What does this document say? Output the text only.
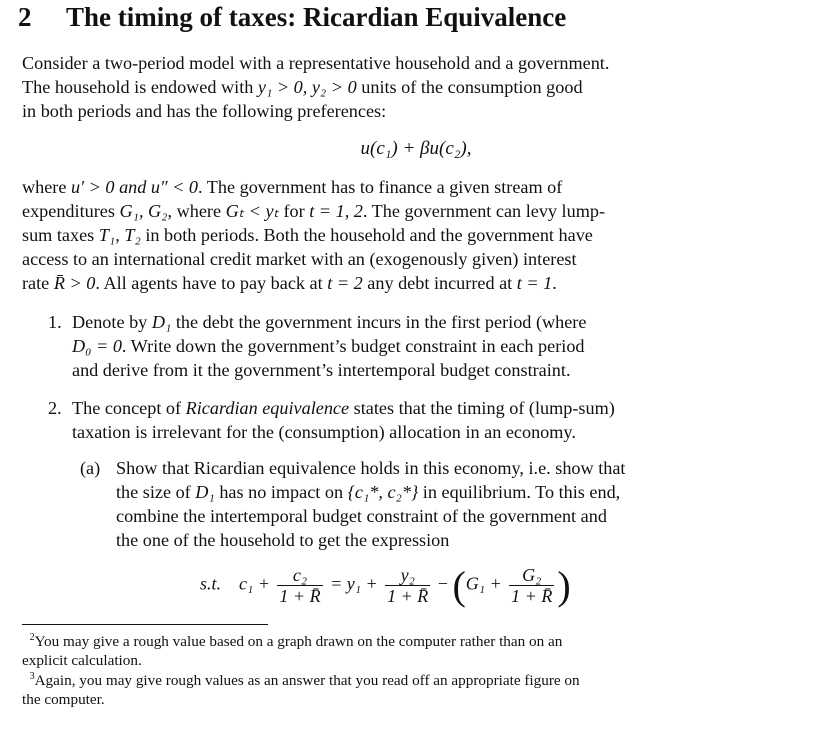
2 The timing of taxes: Ricardian Equivalence
Consider a two-period model with a representative household and a government.
The household is endowed with y₁ > 0, y₂ > 0 units of the consumption good
in both periods and has the following preferences:
u(c₁) + βu(c₂),
where u′ > 0 and u″ < 0. The government has to finance a given stream of
expenditures G₁, G₂, where Gₜ < yₜ for t = 1, 2. The government can levy lump-
sum taxes T₁, T₂ in both periods. Both the household and the government have
access to an international credit market with an (exogenously given) interest
rate R̄ > 0. All agents have to pay back at t = 2 any debt incurred at t = 1.
1. Denote by D₁ the debt the government incurs in the first period (where
D₀ = 0. Write down the government’s budget constraint in each period
and derive from it the government’s intertemporal budget constraint.
2. The concept of Ricardian equivalence states that the timing of (lump-sum)
taxation is irrelevant for the (consumption) allocation in an economy.
(a) Show that Ricardian equivalence holds in this economy, i.e. show that
the size of D₁ has no impact on {c₁*, c₂*} in equilibrium. To this end,
combine the intertemporal budget constraint of the government and
the one of the household to get the expression
s.t. $c_1 + \frac{\text{c₂}}{1 + R̄} = y_1 + \frac{\text{y₂}}{1 + R̄} - (G_1 + \frac{\text{G₂}}{1 + R̄}$ )
$^2$You may give a rough value based on a graph drawn on the computer rather than on an
explicit calculation.
$^3$Again, you may give rough values as an answer that you read off an appropriate figure on
the computer.
